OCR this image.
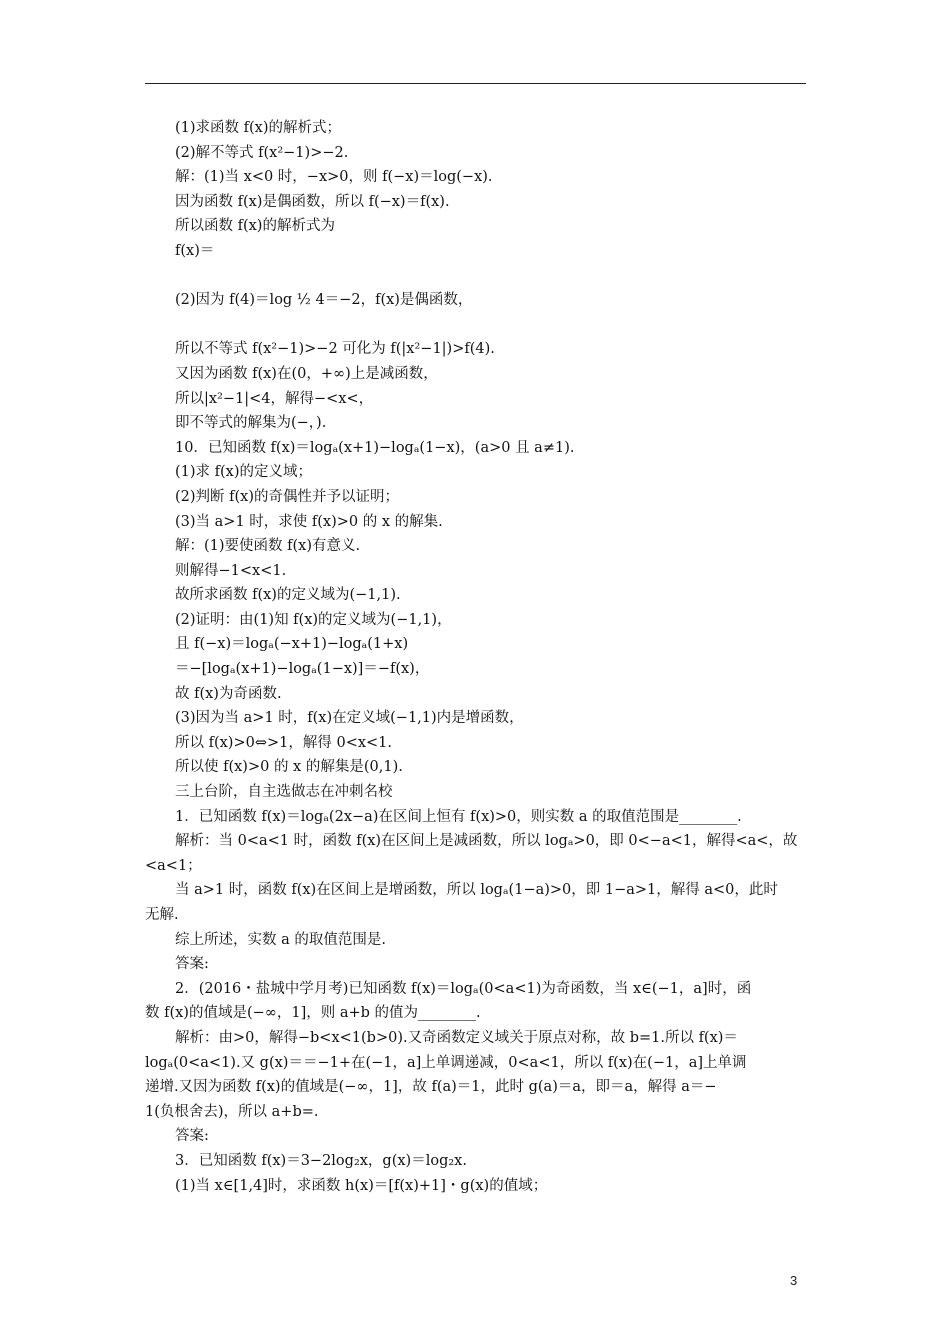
(1)求函数 f(x)的解析式；
(2)解不等式 f(x²−1)>−2.
解：(1)当 x<0 时，−x>0，则 f(−x)＝log(−x).
因为函数 f(x)是偶函数，所以 f(−x)＝f(x).
所以函数 f(x)的解析式为
f(x)＝

(2)因为 f(4)＝log ½ 4＝−2，f(x)是偶函数，

所以不等式 f(x²−1)>−2 可化为 f(|x²−1|)>f(4).
又因为函数 f(x)在(0，+∞)上是减函数，
所以|x²−1|<4，解得−<x<，
即不等式的解集为(−，).
10．已知函数 f(x)＝logₐ(x+1)−logₐ(1−x)，(a>0 且 a≠1).
(1)求 f(x)的定义域；
(2)判断 f(x)的奇偶性并予以证明；
(3)当 a>1 时，求使 f(x)>0 的 x 的解集.
解：(1)要使函数 f(x)有意义.
则解得−1<x<1.
故所求函数 f(x)的定义域为(−1,1).
(2)证明：由(1)知 f(x)的定义域为(−1,1)，
且 f(−x)＝logₐ(−x+1)−logₐ(1+x)
＝−[logₐ(x+1)−logₐ(1−x)]＝−f(x)，
故 f(x)为奇函数.
(3)因为当 a>1 时，f(x)在定义域(−1,1)内是增函数，
所以 f(x)>0⇔>1，解得 0<x<1.
所以使 f(x)>0 的 x 的解集是(0,1).
三上台阶，自主选做志在冲刺名校
1．已知函数 f(x)＝logₐ(2x−a)在区间上恒有 f(x)>0，则实数 a 的取值范围是________.
解析：当 0<a<1 时，函数 f(x)在区间上是减函数，所以 logₐ>0，即 0<−a<1，解得<a<，故
<a<1；
当 a>1 时，函数 f(x)在区间上是增函数，所以 logₐ(1−a)>0，即 1−a>1，解得 a<0，此时
无解.
综上所述，实数 a 的取值范围是.
答案:
2．(2016・盐城中学月考)已知函数 f(x)＝logₐ(0<a<1)为奇函数，当 x∈(−1，a]时，函
数 f(x)的值域是(−∞，1]，则 a+b 的值为________.
解析：由>0，解得−b<x<1(b>0).又奇函数定义域关于原点对称，故 b=1.所以 f(x)＝
logₐ(0<a<1).又 g(x)＝＝−1+在(−1，a]上单调递减，0<a<1，所以 f(x)在(−1，a]上单调
递增.又因为函数 f(x)的值域是(−∞，1]，故 f(a)＝1，此时 g(a)＝a，即＝a，解得 a＝−
1(负根舍去)，所以 a+b=.
答案:
3．已知函数 f(x)＝3−2log₂x，g(x)＝log₂x.
(1)当 x∈[1,4]时，求函数 h(x)＝[f(x)+1]・g(x)的值域；
3
